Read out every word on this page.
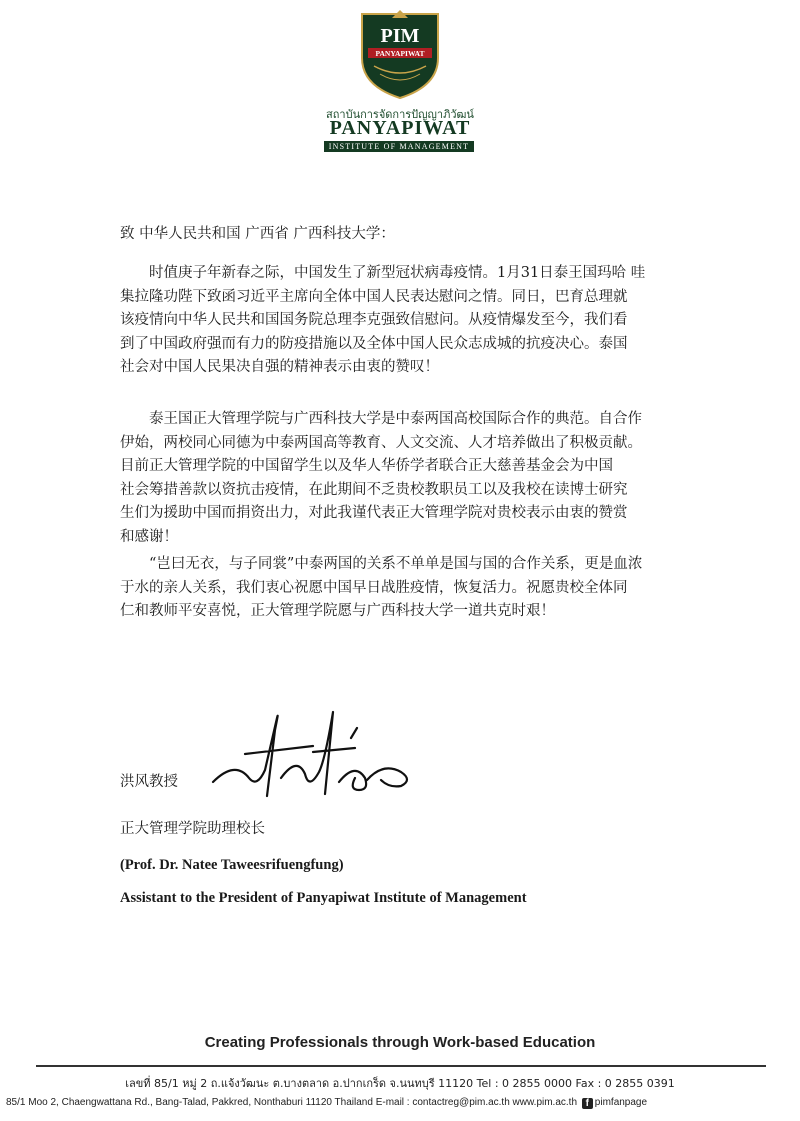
PIM
PANYAPIWAT
สถาบันการจัดการปัญญาภิวัฒน์
PANYAPIWAT
INSTITUTE OF MANAGEMENT
致 中华人民共和国 广西省 广西科技大学：
　　时值庚子年新春之际，中国发生了新型冠状病毒疫情。1月31日泰王国玛哈 哇
集拉隆功陛下致函习近平主席向全体中国人民表达慰问之情。同日，巴育总理就
该疫情向中华人民共和国国务院总理李克强致信慰问。从疫情爆发至今，我们看
到了中国政府强而有力的防疫措施以及全体中国人民众志成城的抗疫决心。泰国
社会对中国人民果决自强的精神表示由衷的赞叹！
　　泰王国正大管理学院与广西科技大学是中泰两国高校国际合作的典范。自合作
伊始，两校同心同德为中泰两国高等教育、人文交流、人才培养做出了积极贡献。
目前正大管理学院的中国留学生以及华人华侨学者联合正大慈善基金会为中国
社会筹措善款以资抗击疫情，在此期间不乏贵校教职员工以及我校在读博士研究
生们为援助中国而捐资出力，对此我谨代表正大管理学院对贵校表示由衷的赞赏
和感谢！
　　“岂曰无衣，与子同裳”中泰两国的关系不单单是国与国的合作关系，更是血浓
于水的亲人关系，我们衷心祝愿中国早日战胜疫情，恢复活力。祝愿贵校全体同
仁和教师平安喜悦，正大管理学院愿与广西科技大学一道共克时艰！
洪风教授
正大管理学院助理校长
(Prof. Dr. Natee Taweesrifuengfung)
Assistant to the President of Panyapiwat Institute of Management
Creating Professionals through Work-based Education
เลขที่ 85/1 หมู่ 2 ถ.แจ้งวัฒนะ ต.บางตลาด อ.ปากเกร็ด จ.นนทบุรี 11120 Tel : 0 2855 0000 Fax : 0 2855 0391
85/1 Moo 2, Chaengwattana Rd., Bang-Talad, Pakkred, Nonthaburi 11120 Thailand E-mail : contactreg@pim.ac.th www.pim.ac.th f pimfanpage
